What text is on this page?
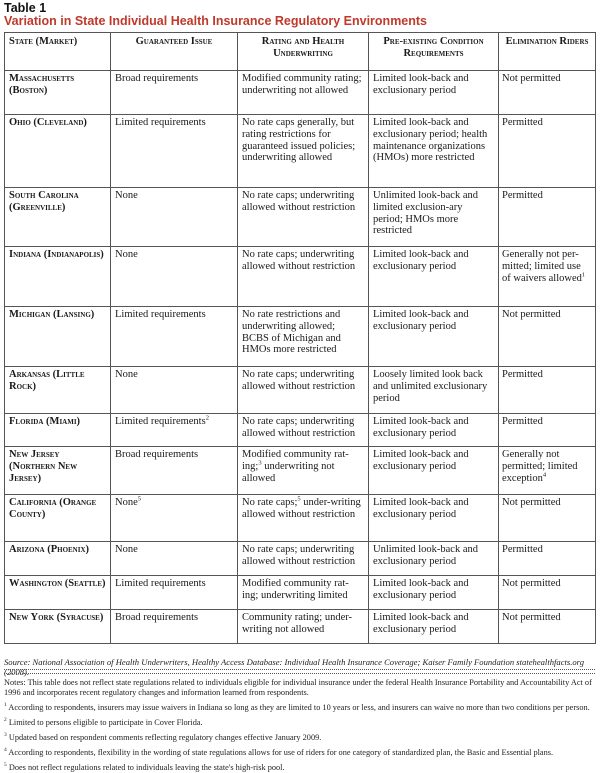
Table 1
Variation in State Individual Health Insurance Regulatory Environments
State (Market)	Guaranteed Issue	Rating and Health Underwriting	Pre-existing Condition Requirements	Elimination Riders
Massachusetts (Boston)	Broad requirements	Modified community rating; underwriting not allowed	Limited look-back and exclusionary period	Not permitted
Ohio (Cleveland)	Limited requirements	No rate caps generally, but rating restrictions for guaranteed issued policies; underwriting allowed	Limited look-back and exclusionary period; health maintenance organizations (HMOs) more restricted	Permitted
South Carolina (Greenville)	None	No rate caps; underwriting allowed without restriction	Unlimited look-back and limited exclusion-ary period; HMOs more restricted	Permitted
Indiana (Indianapolis)	None	No rate caps; underwriting allowed without restriction	Limited look-back and exclusionary period	Generally not per-mitted; limited use of waivers allowed$^1$
Michigan (Lansing)	Limited requirements	No rate restrictions and underwriting allowed; BCBS of Michigan and HMOs more restricted	Limited look-back and exclusionary period	Not permitted
Arkansas (Little Rock)	None	No rate caps; underwriting allowed without restriction	Loosely limited look back and unlimited exclusionary period	Permitted
Florida (Miami)	Limited requirements$^2$	No rate caps; underwriting allowed without restriction	Limited look-back and exclusionary period	Permitted
New Jersey (Northern New Jersey)	Broad requirements	Modified community rat-ing;$^3$ underwriting not allowed	Limited look-back and exclusionary period	Generally not permitted; limited exception$^4$
California (Orange County)	None$^5$	No rate caps;$^5$ under-writing allowed without restriction	Limited look-back and exclusionary period	Not permitted
Arizona (Phoenix)	None	No rate caps; underwriting allowed without restriction	Unlimited look-back and exclusionary period	Permitted
Washington (Seattle)	Limited requirements	Modified community rat-ing; underwriting limited	Limited look-back and exclusionary period	Not permitted
New York (Syracuse)	Broad requirements	Community rating; under-writing not allowed	Limited look-back and exclusionary period	Not permitted
Source: National Association of Health Underwriters, Healthy Access Database: Individual Health Insurance Coverage; Kaiser Family Foundation statehealthfacts.org (2008).

Notes: This table does not reflect state regulations related to individuals eligible for individual insurance under the federal Health Insurance Portability and Accountability Act of 1996 and incorporates recent regulatory changes and information learned from respondents.

$^1$ According to respondents, insurers may issue waivers in Indiana so long as they are limited to 10 years or less, and insurers can waive no more than two conditions per person.

$^2$ Limited to persons eligible to participate in Cover Florida.

$^3$ Updated based on respondent comments reflecting regulatory changes effective January 2009.

$^4$ According to respondents, flexibility in the wording of state regulations allows for use of riders for one category of standardized plan, the Basic and Essential plans.

$^5$ Does not reflect regulations related to individuals leaving the state's high-risk pool.
